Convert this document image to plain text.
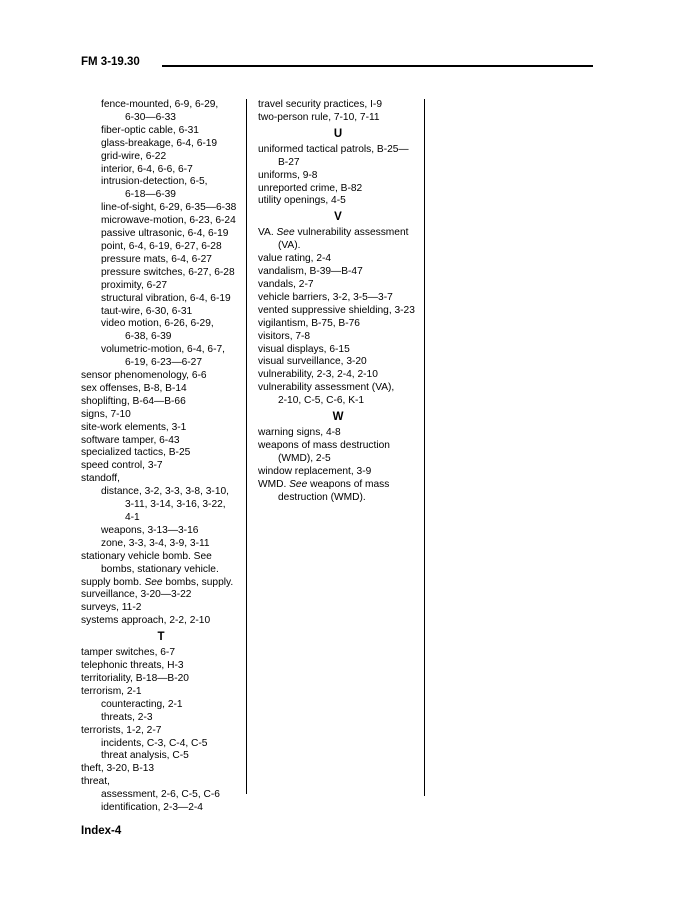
FM 3-19.30
fence-mounted, 6-9, 6-29,
6-30—6-33
fiber-optic cable, 6-31
glass-breakage, 6-4, 6-19
grid-wire, 6-22
interior, 6-4, 6-6, 6-7
intrusion-detection, 6-5,
6-18—6-39
line-of-sight, 6-29, 6-35—6-38
microwave-motion, 6-23, 6-24
passive ultrasonic, 6-4, 6-19
point, 6-4, 6-19, 6-27, 6-28
pressure mats, 6-4, 6-27
pressure switches, 6-27, 6-28
proximity, 6-27
structural vibration, 6-4, 6-19
taut-wire, 6-30, 6-31
video motion, 6-26, 6-29,
6-38, 6-39
volumetric-motion, 6-4, 6-7,
6-19, 6-23—6-27
sensor phenomenology, 6-6
sex offenses, B-8, B-14
shoplifting, B-64—B-66
signs, 7-10
site-work elements, 3-1
software tamper, 6-43
specialized tactics, B-25
speed control, 3-7
standoff,
distance, 3-2, 3-3, 3-8, 3-10,
3-11, 3-14, 3-16, 3-22,
4-1
weapons, 3-13—3-16
zone, 3-3, 3-4, 3-9, 3-11
stationary vehicle bomb. See
bombs, stationary vehicle.
supply bomb. See bombs, supply.
surveillance, 3-20—3-22
surveys, 11-2
systems approach, 2-2, 2-10
T
tamper switches, 6-7
telephonic threats, H-3
territoriality, B-18—B-20
terrorism, 2-1
counteracting, 2-1
threats, 2-3
terrorists, 1-2, 2-7
incidents, C-3, C-4, C-5
threat analysis, C-5
theft, 3-20, B-13
threat,
assessment, 2-6, C-5, C-6
identification, 2-3—2-4
travel security practices, I-9
two-person rule, 7-10, 7-11
U
uniformed tactical patrols, B-25—
B-27
uniforms, 9-8
unreported crime, B-82
utility openings, 4-5
V
VA. See vulnerability assessment
(VA).
value rating, 2-4
vandalism, B-39—B-47
vandals, 2-7
vehicle barriers, 3-2, 3-5—3-7
vented suppressive shielding, 3-23
vigilantism, B-75, B-76
visitors, 7-8
visual displays, 6-15
visual surveillance, 3-20
vulnerability, 2-3, 2-4, 2-10
vulnerability assessment (VA),
2-10, C-5, C-6, K-1
W
warning signs, 4-8
weapons of mass destruction
(WMD), 2-5
window replacement, 3-9
WMD. See weapons of mass
destruction (WMD).
Index-4
